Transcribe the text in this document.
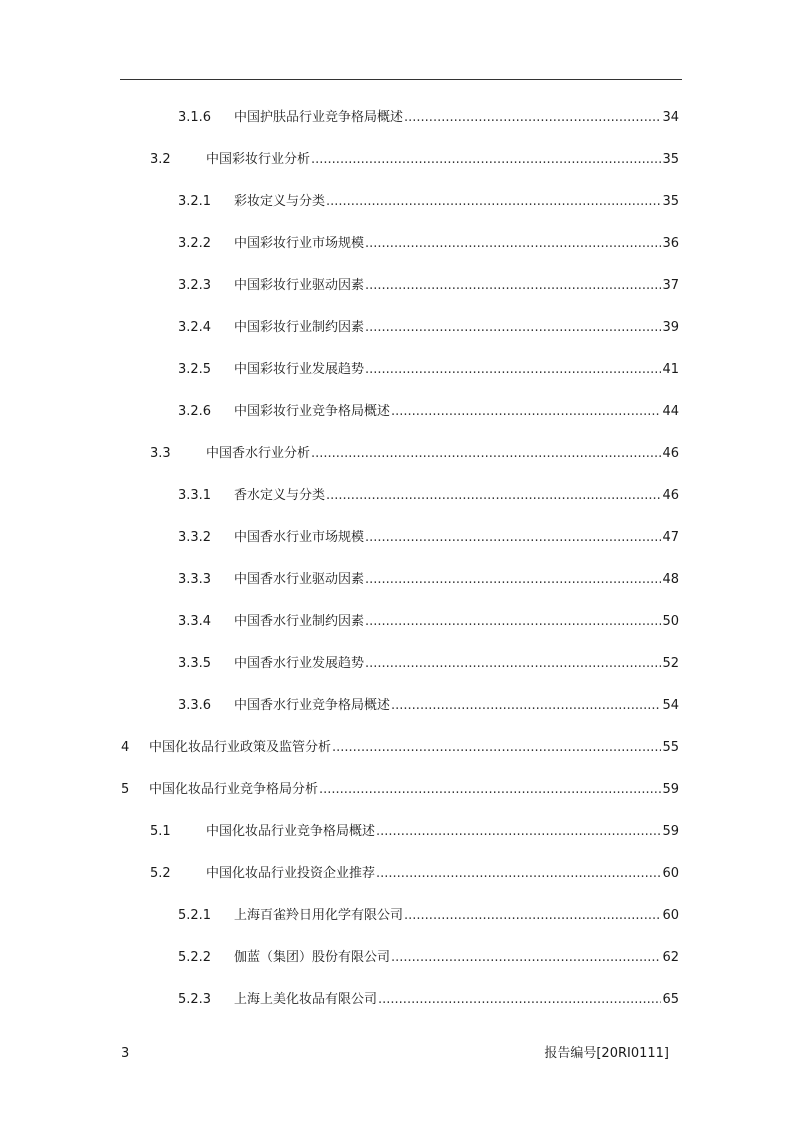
3.1.6	中国护肤品行业竞争格局概述 .....	34
3.2	中国彩妆行业分析 .....	35
3.2.1	彩妆定义与分类 .....	35
3.2.2	中国彩妆行业市场规模 .....	36
3.2.3	中国彩妆行业驱动因素 .....	37
3.2.4	中国彩妆行业制约因素 .....	39
3.2.5	中国彩妆行业发展趋势 .....	41
3.2.6	中国彩妆行业竞争格局概述 .....	44
3.3	中国香水行业分析 .....	46
3.3.1	香水定义与分类 .....	46
3.3.2	中国香水行业市场规模 .....	47
3.3.3	中国香水行业驱动因素 .....	48
3.3.4	中国香水行业制约因素 .....	50
3.3.5	中国香水行业发展趋势 .....	52
3.3.6	中国香水行业竞争格局概述 .....	54
4	中国化妆品行业政策及监管分析 .....	55
5	中国化妆品行业竞争格局分析 .....	59
5.1	中国化妆品行业竞争格局概述 .....	59
5.2	中国化妆品行业投资企业推荐 .....	60
5.2.1	上海百雀羚日用化学有限公司 .....	60
5.2.2	伽蓝（集团）股份有限公司 .....	62
5.2.3	上海上美化妆品有限公司 .....	65
3	报告编号[20RI0111]
